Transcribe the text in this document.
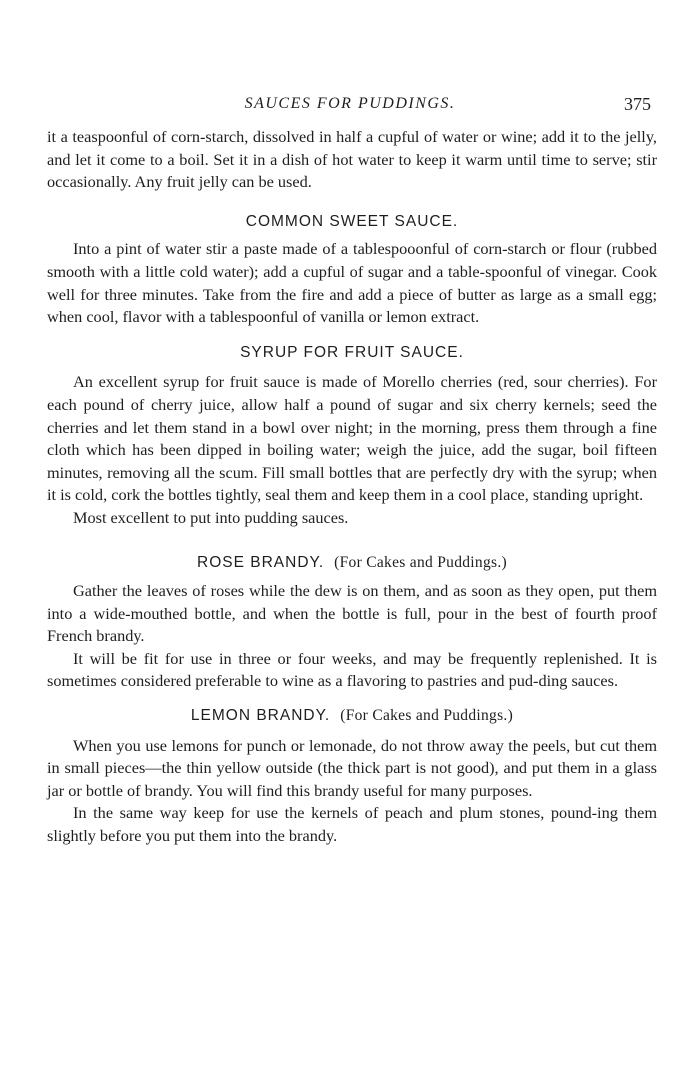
SAUCES FOR PUDDINGS.	375

it a teaspoonful of corn-starch, dissolved in half a cupful of water or wine; add it to the jelly, and let it come to a boil. Set it in a dish of hot water to keep it warm until time to serve; stir occasionally. Any fruit jelly can be used.

COMMON SWEET SAUCE.

Into a pint of water stir a paste made of a tablespooonful of corn-starch or flour (rubbed smooth with a little cold water); add a cupful of sugar and a table-spoonful of vinegar. Cook well for three minutes. Take from the fire and add a piece of butter as large as a small egg; when cool, flavor with a tablespoonful of vanilla or lemon extract.

SYRUP FOR FRUIT SAUCE.

An excellent syrup for fruit sauce is made of Morello cherries (red, sour cherries). For each pound of cherry juice, allow half a pound of sugar and six cherry kernels; seed the cherries and let them stand in a bowl over night; in the morning, press them through a fine cloth which has been dipped in boiling water; weigh the juice, add the sugar, boil fifteen minutes, removing all the scum. Fill small bottles that are perfectly dry with the syrup; when it is cold, cork the bottles tightly, seal them and keep them in a cool place, standing upright.

Most excellent to put into pudding sauces.

ROSE BRANDY. (For Cakes and Puddings.)

Gather the leaves of roses while the dew is on them, and as soon as they open, put them into a wide-mouthed bottle, and when the bottle is full, pour in the best of fourth proof French brandy.

It will be fit for use in three or four weeks, and may be frequently replenished. It is sometimes considered preferable to wine as a flavoring to pastries and pud-ding sauces.

LEMON BRANDY. (For Cakes and Puddings.)

When you use lemons for punch or lemonade, do not throw away the peels, but cut them in small pieces—the thin yellow outside (the thick part is not good), and put them in a glass jar or bottle of brandy. You will find this brandy useful for many purposes.

In the same way keep for use the kernels of peach and plum stones, pound-ing them slightly before you put them into the brandy.
